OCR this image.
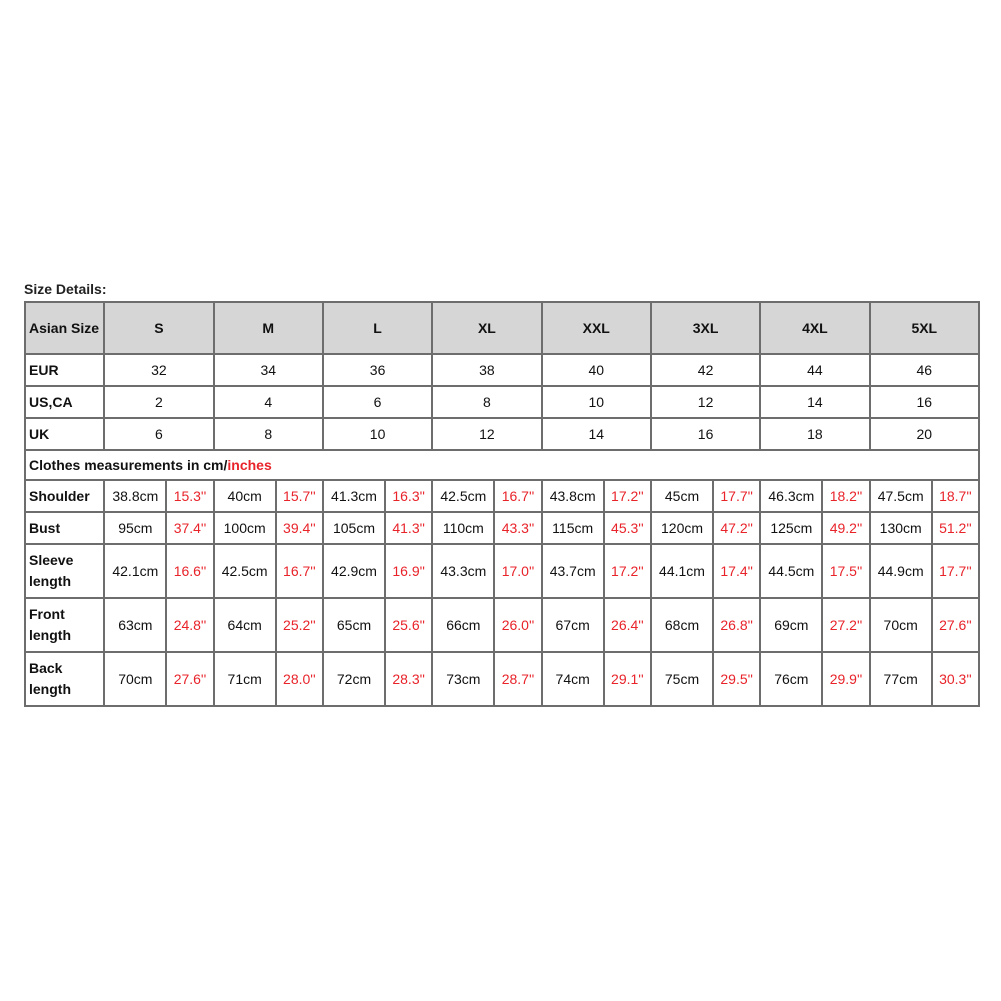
Size Details:
Asian Size	S		M		L		XL		XXL		3XL		4XL		5XL	
EUR	32		34		36		38		40		42		44		46	
US,CA	2		4		6		8		10		12		14		16	
UK	6		8		10		12		14		16		18		20	
Clothes measurements in cm/inches																
Shoulder	38.8cm	15.3''	40cm	15.7''	41.3cm	16.3''	42.5cm	16.7''	43.8cm	17.2''	45cm	17.7''	46.3cm	18.2''	47.5cm	18.7''
Bust	95cm	37.4''	100cm	39.4''	105cm	41.3''	110cm	43.3''	115cm	45.3''	120cm	47.2''	125cm	49.2''	130cm	51.2''
Sleeve length	42.1cm	16.6''	42.5cm	16.7''	42.9cm	16.9''	43.3cm	17.0''	43.7cm	17.2''	44.1cm	17.4''	44.5cm	17.5''	44.9cm	17.7''
Front length	63cm	24.8''	64cm	25.2''	65cm	25.6''	66cm	26.0''	67cm	26.4''	68cm	26.8''	69cm	27.2''	70cm	27.6''
Back length	70cm	27.6''	71cm	28.0''	72cm	28.3''	73cm	28.7''	74cm	29.1''	75cm	29.5''	76cm	29.9''	77cm	30.3''
